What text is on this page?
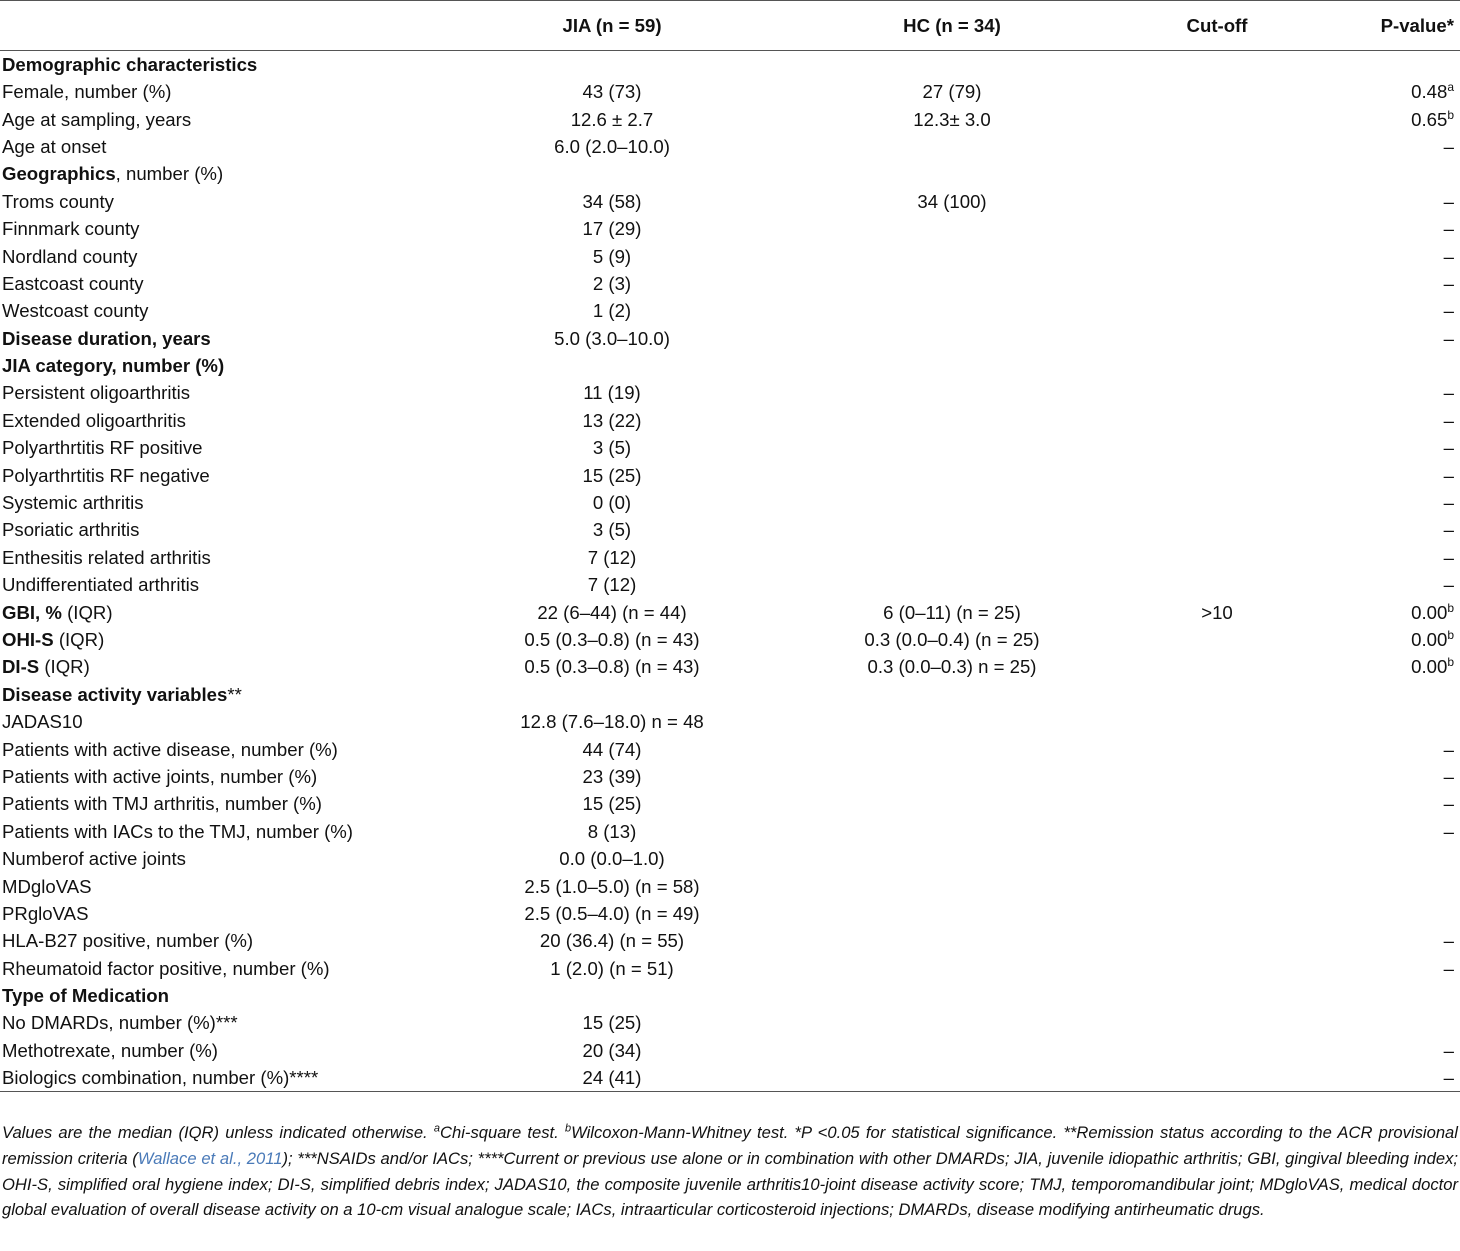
	JIA (n = 59)	HC (n = 34)	Cut-off	P-value*
Demographic characteristics				
Female, number (%)	43 (73)	27 (79)		0.48$^a$
Age at sampling, years	12.6 ± 2.7	12.3± 3.0		0.65$^b$
Age at onset	6.0 (2.0–10.0)			–
Geographics, number (%)				
Troms county	34 (58)	34 (100)		–
Finnmark county	17 (29)			–
Nordland county	5 (9)			–
Eastcoast county	2 (3)			–
Westcoast county	1 (2)			–
Disease duration, years	5.0 (3.0–10.0)			–
JIA category, number (%)				
Persistent oligoarthritis	11 (19)			–
Extended oligoarthritis	13 (22)			–
Polyarthrtitis RF positive	3 (5)			–
Polyarthrtitis RF negative	15 (25)			–
Systemic arthritis	0 (0)			–
Psoriatic arthritis	3 (5)			–
Enthesitis related arthritis	7 (12)			–
Undifferentiated arthritis	7 (12)			–
GBI, % (IQR)	22 (6–44) (n = 44)	6 (0–11) (n = 25)	>10	0.00$^b$
OHI-S (IQR)	0.5 (0.3–0.8) (n = 43)	0.3 (0.0–0.4) (n = 25)		0.00$^b$
DI-S (IQR)	0.5 (0.3–0.8) (n = 43)	0.3 (0.0–0.3) n = 25)		0.00$^b$
Disease activity variables**				
JADAS10	12.8 (7.6–18.0) n = 48			
Patients with active disease, number (%)	44 (74)			–
Patients with active joints, number (%)	23 (39)			–
Patients with TMJ arthritis, number (%)	15 (25)			–
Patients with IACs to the TMJ, number (%)	8 (13)			–
Numberof active joints	0.0 (0.0–1.0)			
MDgloVAS	2.5 (1.0–5.0) (n = 58)			
PRgloVAS	2.5 (0.5–4.0) (n = 49)			
HLA-B27 positive, number (%)	20 (36.4) (n = 55)			–
Rheumatoid factor positive, number (%)	1 (2.0) (n = 51)			–
Type of Medication				
No DMARDs, number (%)***	15 (25)			
Methotrexate, number (%)	20 (34)			–
Biologics combination, number (%)****	24 (41)			–
Values are the median (IQR) unless indicated otherwise. $^a$Chi-square test. $^b$Wilcoxon-Mann-Whitney test. *P <0.05 for statistical significance. **Remission status according to the ACR provisional remission criteria (Wallace et al., 2011); ***NSAIDs and/or IACs; ****Current or previous use alone or in combination with other DMARDs; JIA, juvenile idiopathic arthritis; GBI, gingival bleeding index; OHI-S, simplified oral hygiene index; DI-S, simplified debris index; JADAS10, the composite juvenile arthritis10-joint disease activity score; TMJ, temporomandibular joint; MDgloVAS, medical doctor global evaluation of overall disease activity on a 10-cm visual analogue scale; IACs, intraarticular corticosteroid injections; DMARDs, disease modifying antirheumatic drugs.
